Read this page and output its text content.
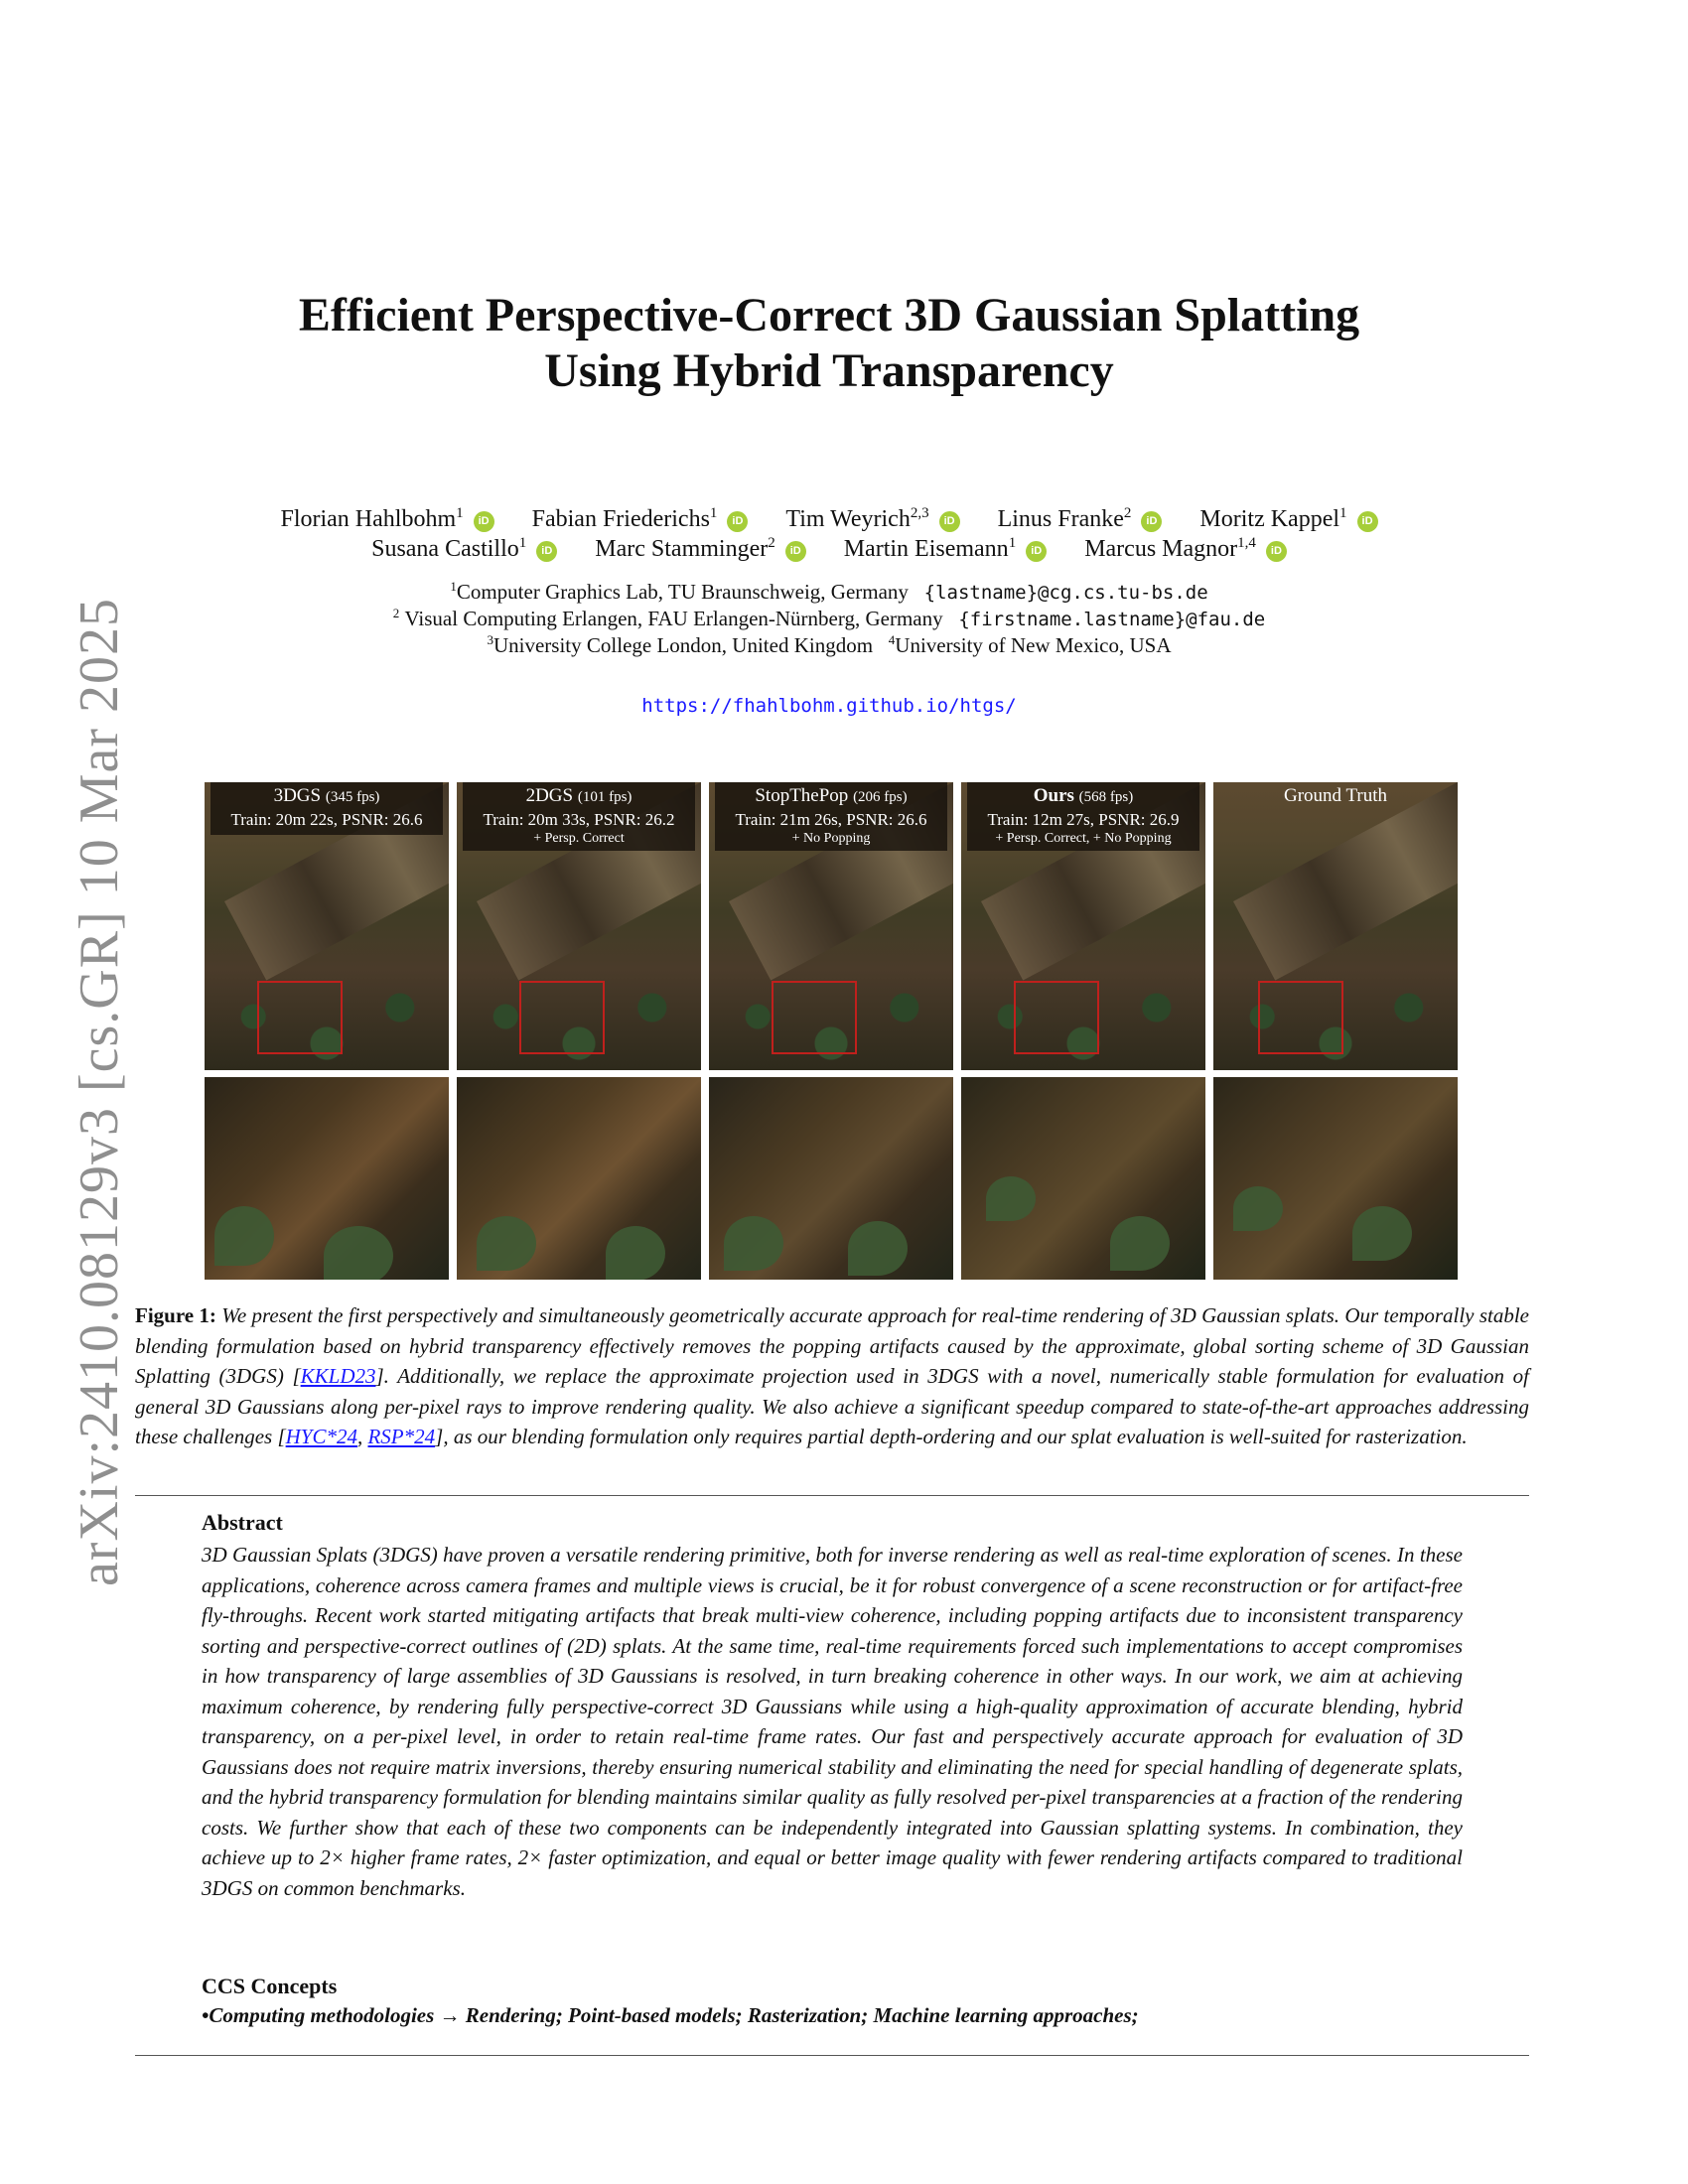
arXiv:2410.08129v3 [cs.GR] 10 Mar 2025
Efficient Perspective-Correct 3D Gaussian Splatting
Using Hybrid Transparency
Florian Hahlbohm$^1$ iD Fabian Friederichs$^1$ iD Tim Weyrich$^{2,3}$ iD Linus Franke$^2$ iD Moritz Kappel$^1$ iD
Susana Castillo$^1$ iD Marc Stamminger$^2$ iD Martin Eisemann$^1$ iD Marcus Magnor$^{1,4}$ iD
$^1$Computer Graphics Lab, TU Braunschweig, Germany {lastname}@cg.cs.tu-bs.de
$^2$ Visual Computing Erlangen, FAU Erlangen-Nürnberg, Germany {firstname.lastname}@fau.de
$^3$University College London, United Kingdom $^4$University of New Mexico, USA
https://fhahlbohm.github.io/htgs/
3DGS (345 fps)
Train: 20m 22s, PSNR: 26.6
2DGS (101 fps)
Train: 20m 33s, PSNR: 26.2
+ Persp. Correct
StopThePop (206 fps)
Train: 21m 26s, PSNR: 26.6
+ No Popping
Ours (568 fps)
Train: 12m 27s, PSNR: 26.9
+ Persp. Correct, + No Popping
Ground Truth
Figure 1: We present the first perspectively and simultaneously geometrically accurate approach for real-time rendering of 3D Gaussian splats. Our temporally stable blending formulation based on hybrid transparency effectively removes the popping artifacts caused by the approximate, global sorting scheme of 3D Gaussian Splatting (3DGS) [KKLD23]. Additionally, we replace the approximate projection used in 3DGS with a novel, numerically stable formulation for evaluation of general 3D Gaussians along per-pixel rays to improve rendering quality. We also achieve a significant speedup compared to state-of-the-art approaches addressing these challenges [HYC*24, RSP*24], as our blending formulation only requires partial depth-ordering and our splat evaluation is well-suited for rasterization.
Abstract
3D Gaussian Splats (3DGS) have proven a versatile rendering primitive, both for inverse rendering as well as real-time exploration of scenes. In these applications, coherence across camera frames and multiple views is crucial, be it for robust convergence of a scene reconstruction or for artifact-free fly-throughs. Recent work started mitigating artifacts that break multi-view coherence, including popping artifacts due to inconsistent transparency sorting and perspective-correct outlines of (2D) splats. At the same time, real-time requirements forced such implementations to accept compromises in how transparency of large assemblies of 3D Gaussians is resolved, in turn breaking coherence in other ways. In our work, we aim at achieving maximum coherence, by rendering fully perspective-correct 3D Gaussians while using a high-quality approximation of accurate blending, hybrid transparency, on a per-pixel level, in order to retain real-time frame rates. Our fast and perspectively accurate approach for evaluation of 3D Gaussians does not require matrix inversions, thereby ensuring numerical stability and eliminating the need for special handling of degenerate splats, and the hybrid transparency formulation for blending maintains similar quality as fully resolved per-pixel transparencies at a fraction of the rendering costs. We further show that each of these two components can be independently integrated into Gaussian splatting systems. In combination, they achieve up to 2× higher frame rates, 2× faster optimization, and equal or better image quality with fewer rendering artifacts compared to traditional 3DGS on common benchmarks.
CCS Concepts
•Computing methodologies → Rendering; Point-based models; Rasterization; Machine learning approaches;
